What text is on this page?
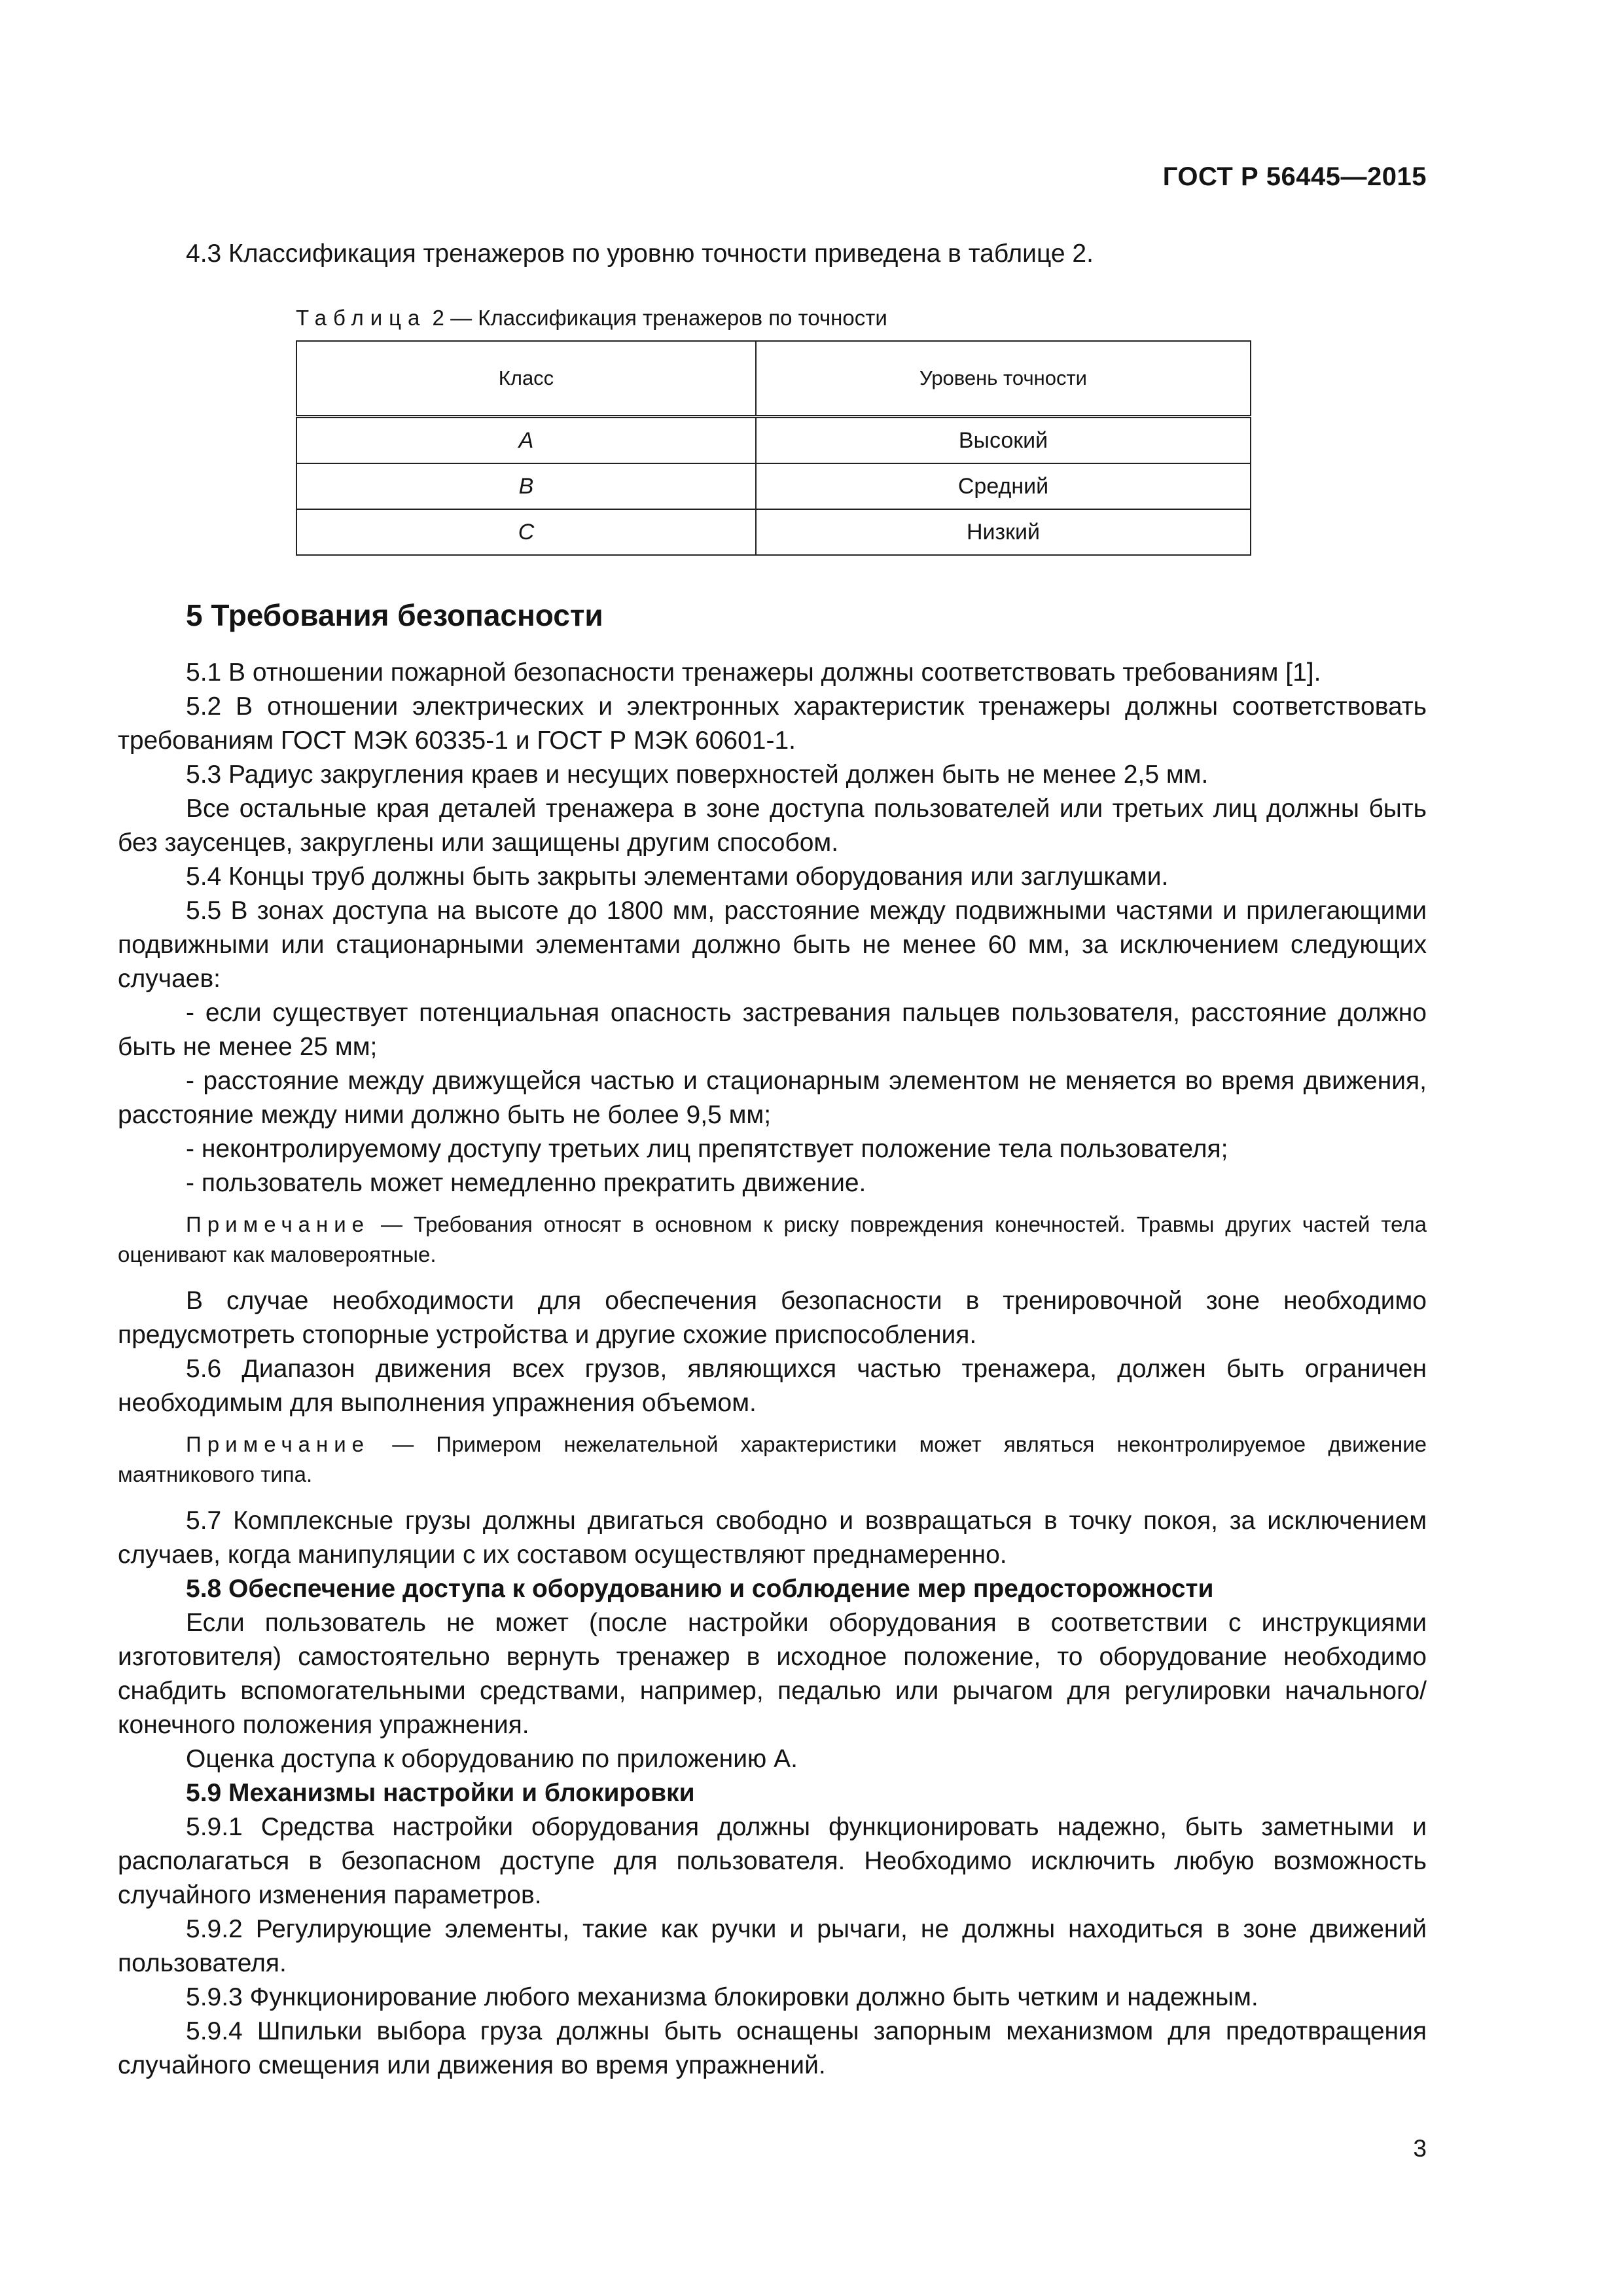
ГОСТ Р 56445—2015

4.3 Классификация тренажеров по уровню точности приведена в таблице 2.

Таблица 2 — Классификация тренажеров по точности
Класс	Уровень точности
A	Высокий
B	Средний
C	Низкий
5 Требования безопасности

5.1 В отношении пожарной безопасности тренажеры должны соответствовать требованиям [1].

5.2 В отношении электрических и электронных характеристик тренажеры должны соответствовать требованиям ГОСТ МЭК 60335-1 и ГОСТ Р МЭК 60601-1.

5.3 Радиус закругления краев и несущих поверхностей должен быть не менее 2,5 мм.

Все остальные края деталей тренажера в зоне доступа пользователей или третьих лиц должны быть без заусенцев, закруглены или защищены другим способом.

5.4 Концы труб должны быть закрыты элементами оборудования или заглушками.

5.5 В зонах доступа на высоте до 1800 мм, расстояние между подвижными частями и прилегающими подвижными или стационарными элементами должно быть не менее 60 мм, за исключением следующих случаев:

- если существует потенциальная опасность застревания пальцев пользователя, расстояние должно быть не менее 25 мм;

- расстояние между движущейся частью и стационарным элементом не меняется во время движения, расстояние между ними должно быть не более 9,5 мм;

- неконтролируемому доступу третьих лиц препятствует положение тела пользователя;

- пользователь может немедленно прекратить движение.

Примечание — Требования относят в основном к риску повреждения конечностей. Травмы других частей тела оценивают как маловероятные.

В случае необходимости для обеспечения безопасности в тренировочной зоне необходимо предусмотреть стопорные устройства и другие схожие приспособления.

5.6 Диапазон движения всех грузов, являющихся частью тренажера, должен быть ограничен необходимым для выполнения упражнения объемом.

Примечание — Примером нежелательной характеристики может являться неконтролируемое движение маятникового типа.

5.7 Комплексные грузы должны двигаться свободно и возвращаться в точку покоя, за исключением случаев, когда манипуляции с их составом осуществляют преднамеренно.

5.8 Обеспечение доступа к оборудованию и соблюдение мер предосторожности

Если пользователь не может (после настройки оборудования в соответствии с инструкциями изготовителя) самостоятельно вернуть тренажер в исходное положение, то оборудование необходимо снабдить вспомогательными средствами, например, педалью или рычагом для регулировки начального/конечного положения упражнения.

Оценка доступа к оборудованию по приложению А.

5.9 Механизмы настройки и блокировки

5.9.1 Средства настройки оборудования должны функционировать надежно, быть заметными и располагаться в безопасном доступе для пользователя. Необходимо исключить любую возможность случайного изменения параметров.

5.9.2 Регулирующие элементы, такие как ручки и рычаги, не должны находиться в зоне движений пользователя.

5.9.3 Функционирование любого механизма блокировки должно быть четким и надежным.

5.9.4 Шпильки выбора груза должны быть оснащены запорным механизмом для предотвращения случайного смещения или движения во время упражнений.

3
